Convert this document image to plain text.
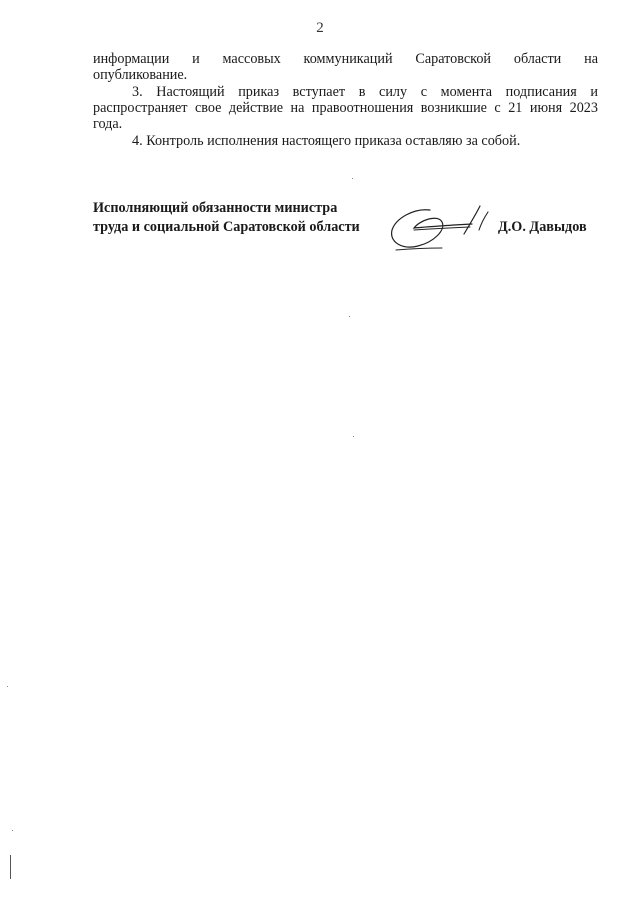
2
информации и массовых коммуникаций Саратовской области на
опубликование.
3. Настоящий приказ вступает в силу с момента подписания и
распространяет свое действие на правоотношения возникшие с 21 июня 2023
года.
4. Контроль исполнения настоящего приказа оставляю за собой.
Исполняющий обязанности министра
труда и социальной Саратовской области	Д.О. Давыдов
